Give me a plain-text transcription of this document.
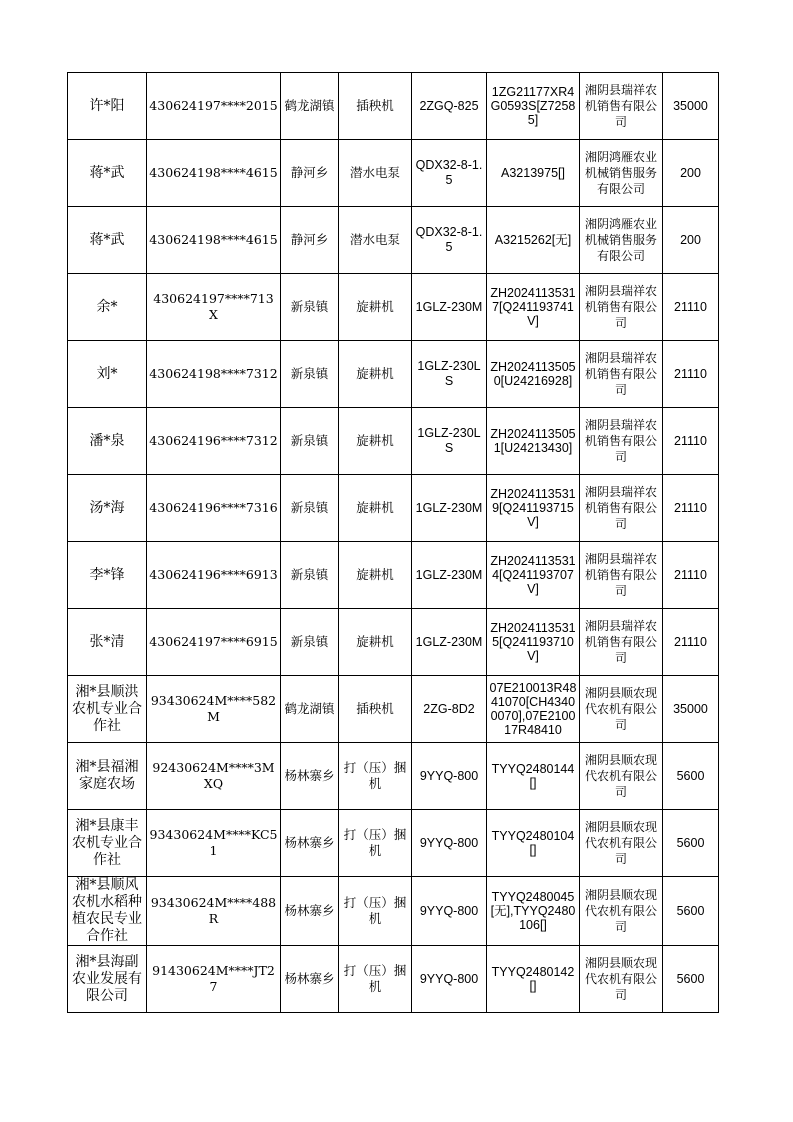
许*阳	430624197****2015	鹤龙湖镇	插秧机	2ZGQ-825	1ZG21177XR4G0593S[Z72585]	湘阴县瑞祥农机销售有限公司	35000
蒋*武	430624198****4615	静河乡	潜水电泵	QDX32-8-1.5	A3213975[]	湘阴鸿雁农业机械销售服务有限公司	200
蒋*武	430624198****4615	静河乡	潜水电泵	QDX32-8-1.5	A3215262[无]	湘阴鸿雁农业机械销售服务有限公司	200
余*	430624197****713X	新泉镇	旋耕机	1GLZ-230M	ZH20241135317[Q241193741V]	湘阴县瑞祥农机销售有限公司	21110
刘*	430624198****7312	新泉镇	旋耕机	1GLZ-230LS	ZH20241135050[U24216928]	湘阴县瑞祥农机销售有限公司	21110
潘*泉	430624196****7312	新泉镇	旋耕机	1GLZ-230LS	ZH20241135051[U24213430]	湘阴县瑞祥农机销售有限公司	21110
汤*海	430624196****7316	新泉镇	旋耕机	1GLZ-230M	ZH20241135319[Q241193715V]	湘阴县瑞祥农机销售有限公司	21110
李*锋	430624196****6913	新泉镇	旋耕机	1GLZ-230M	ZH20241135314[Q241193707V]	湘阴县瑞祥农机销售有限公司	21110
张*清	430624197****6915	新泉镇	旋耕机	1GLZ-230M	ZH20241135315[Q241193710V]	湘阴县瑞祥农机销售有限公司	21110
湘*县顺洪农机专业合作社	93430624M****582M	鹤龙湖镇	插秧机	2ZG-8D2	07E210013R4841070[CH43400070],07E210017R48410	湘阴县顺农现代农机有限公司	35000
湘*县福湘家庭农场	92430624M****3MXQ	杨林寨乡	打（压）捆机	9YYQ-800	TYYQ2480144[]	湘阴县顺农现代农机有限公司	5600
湘*县康丰农机专业合作社	93430624M****KC51	杨林寨乡	打（压）捆机	9YYQ-800	TYYQ2480104[]	湘阴县顺农现代农机有限公司	5600
湘*县顺风农机水稻种植农民专业合作社	93430624M****488R	杨林寨乡	打（压）捆机	9YYQ-800	TYYQ2480045[无],TYYQ2480106[]	湘阴县顺农现代农机有限公司	5600
湘*县海副农业发展有限公司	91430624M****JT27	杨林寨乡	打（压）捆机	9YYQ-800	TYYQ2480142[]	湘阴县顺农现代农机有限公司	5600
